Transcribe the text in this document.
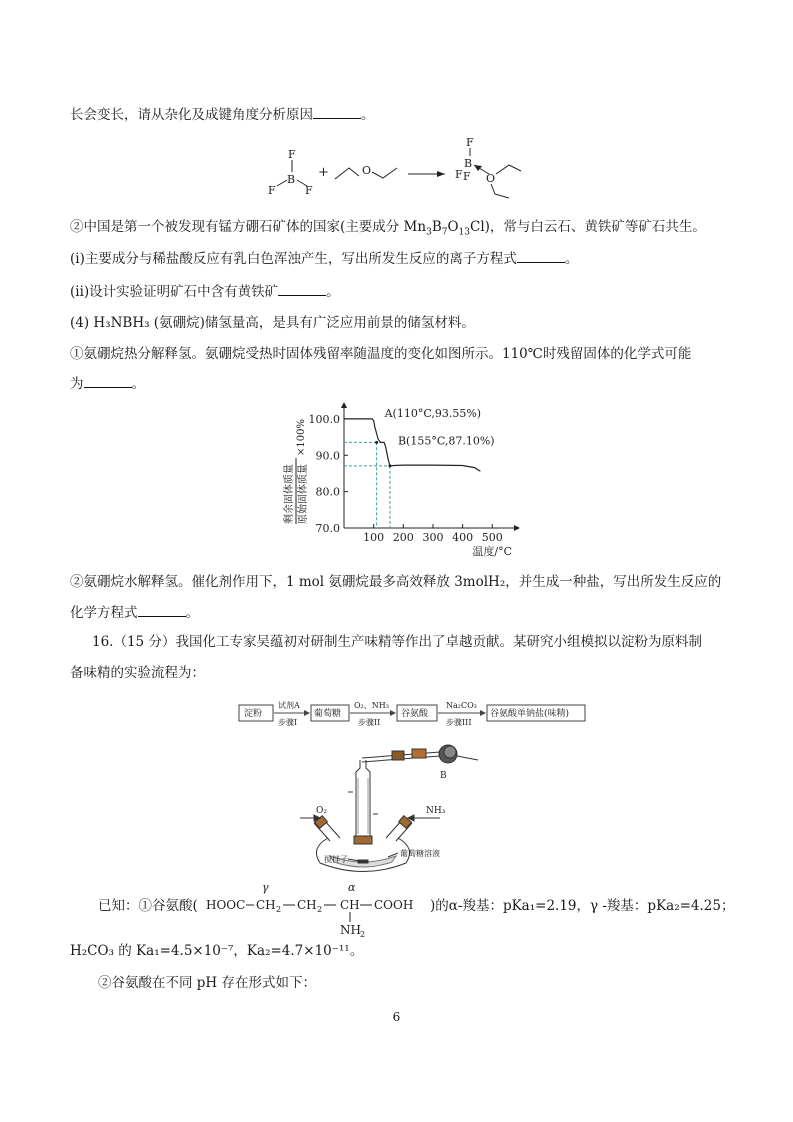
长会变长，请从杂化及成键角度分析原因	。
F
B
F	F
+	O
F
B
F F O
②中国是第一个被发现有锰方硼石矿体的国家(主要成分 $Mn_3B_7O_{13}Cl$)，常与白云石、黄铁矿等矿石共生。
(i)主要成分与稀盐酸反应有乳白色浑浊产生，写出所发生反应的离子方程式	。
(ii)设计实验证明矿石中含有黄铁矿	。
(4) H₃NBH₃ (氨硼烷)储氢量高，是具有广泛应用前景的储氢材料。
①氨硼烷热分解释氢。氨硼烷受热时固体残留率随温度的变化如图所示。110℃时残留固体的化学式可能
为	。
70.0
80.0
90.0
100.0
100 200 300 400 500
温度/°C
剩余固体质量 原始固体质量
×100%
A(110°C,93.55%)
B(155°C,87.10%)
②氨硼烷水解释氢。催化剂作用下，1 mol 氨硼烷最多高效释放 3molH₂，并生成一种盐，写出所发生反应的
化学方程式	。
16.（15 分）我国化工专家吴蕴初对研制生产味精等作出了卓越贡献。某研究小组模拟以淀粉为原料制
备味精的实验流程为：
淀粉
试剂A
步骤I
葡萄糖
O₂、NH₃
步骤II
谷氨酸
Na₂CO₃
步骤III
谷氨酸单钠盐(味精)
B
O₂	NH₃
搅拌子
葡萄糖溶液
已知：①谷氨酸(
γ	α
HOOC CH 2 CH 2 CH COOH
NH 2
)的α-羧基：pKa₁=2.19，γ -羧基：pKa₂=4.25；
H₂CO₃ 的 Ka₁=4.5×10⁻⁷，Ka₂=4.7×10⁻¹¹。
②谷氨酸在不同 pH 存在形式如下：
6
